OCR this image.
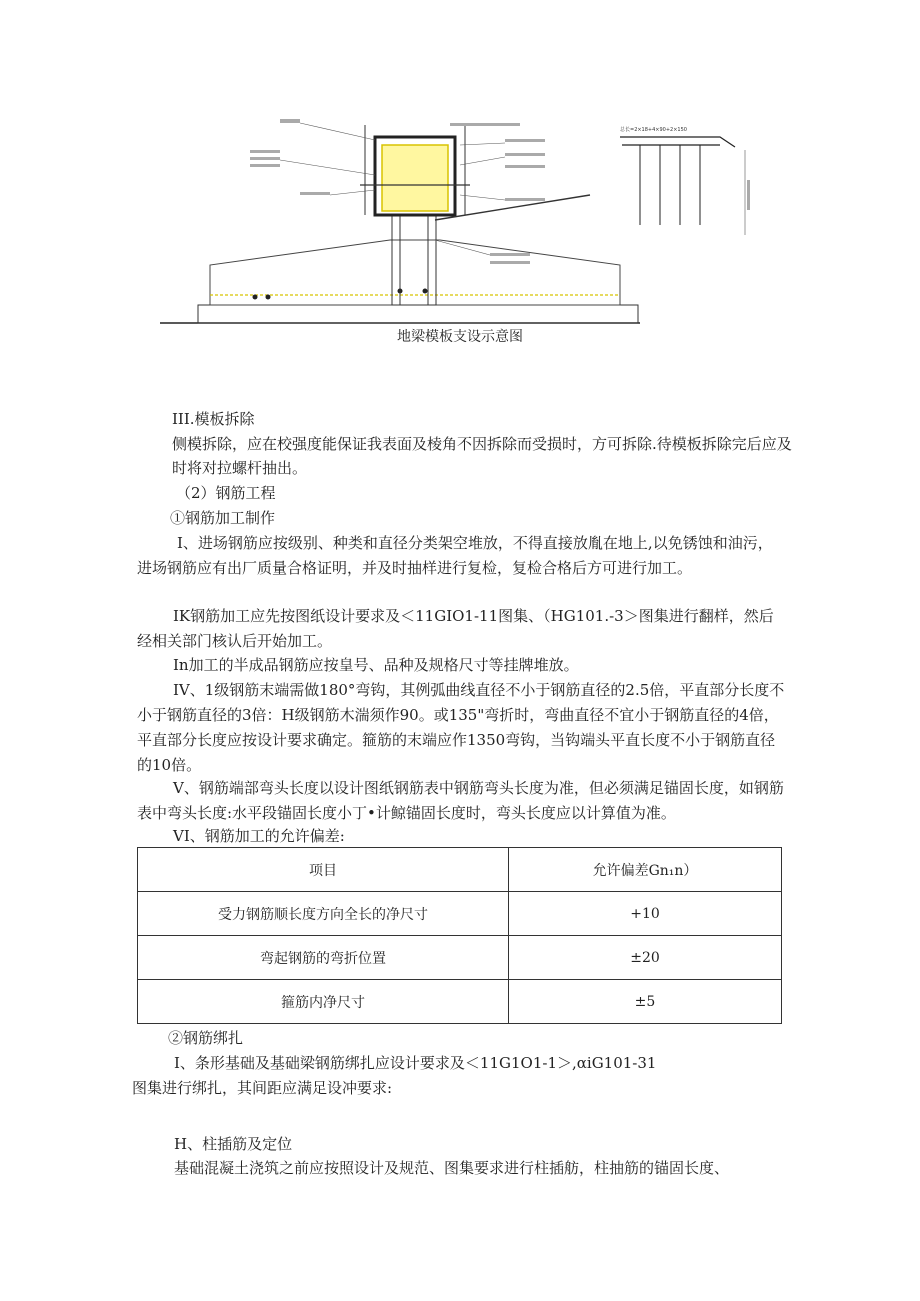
总长=2×18+4×90+2×150
地梁模板支设示意图
III.模板拆除
侧模拆除，应在校强度能保证我表面及棱角不因拆除而受损时，方可拆除.待模板拆除完后应及时将对拉螺杆抽出。
（2）钢筋工程
①钢筋加工制作
I、进场钢筋应按级别、种类和直径分类架空堆放，不得直接放胤在地上,以免锈蚀和油污，进场钢筋应有出厂质量合格证明，并及时抽样进行复检，复检合格后方可进行加工。
IK钢筋加工应先按图纸设计要求及＜11GIO1-11图集、（HG101.-3＞图集进行翻样，然后经相关部门核认后开始加工。
In加工的半成品钢筋应按皇号、品种及规格尺寸等挂牌堆放。
IV、1级钢筋末端需做180°弯钩，其例弧曲线直径不小于钢筋直径的2.5倍，平直部分长度不小于钢筋直径的3倍：H级钢筋木湍须作90。或135"弯折时，弯曲直径不宜小于钢筋直径的4倍，平直部分长度应按设计要求确定。箍筋的末端应作1350弯钩，当钩端头平直长度不小于钢筋直径的10倍。
V、钢筋端部弯头长度以设计图纸钢筋表中钢筋弯头长度为准，但必须满足锚固长度，如钢筋表中弯头长度:水平段锚固长度小丁•计鲸锚固长度时，弯头长度应以计算值为准。
VI、钢筋加工的允许偏差:
项目	允许偏差Gn₁n）
受力钢筋顺长度方向全长的净尺寸	+10
弯起钢筋的弯折位置	±20
箍筋内净尺寸	±5
②钢筋绑扎
I、条形基础及基础梁钢筋绑扎应设计要求及＜11G1O1-1＞,αiG101-31
图集进行绑扎，其间距应满足设冲要求:
H、柱插筋及定位
基础混凝土浇筑之前应按照设计及规范、图集要求进行柱插舫，柱抽筋的锚固长度、
